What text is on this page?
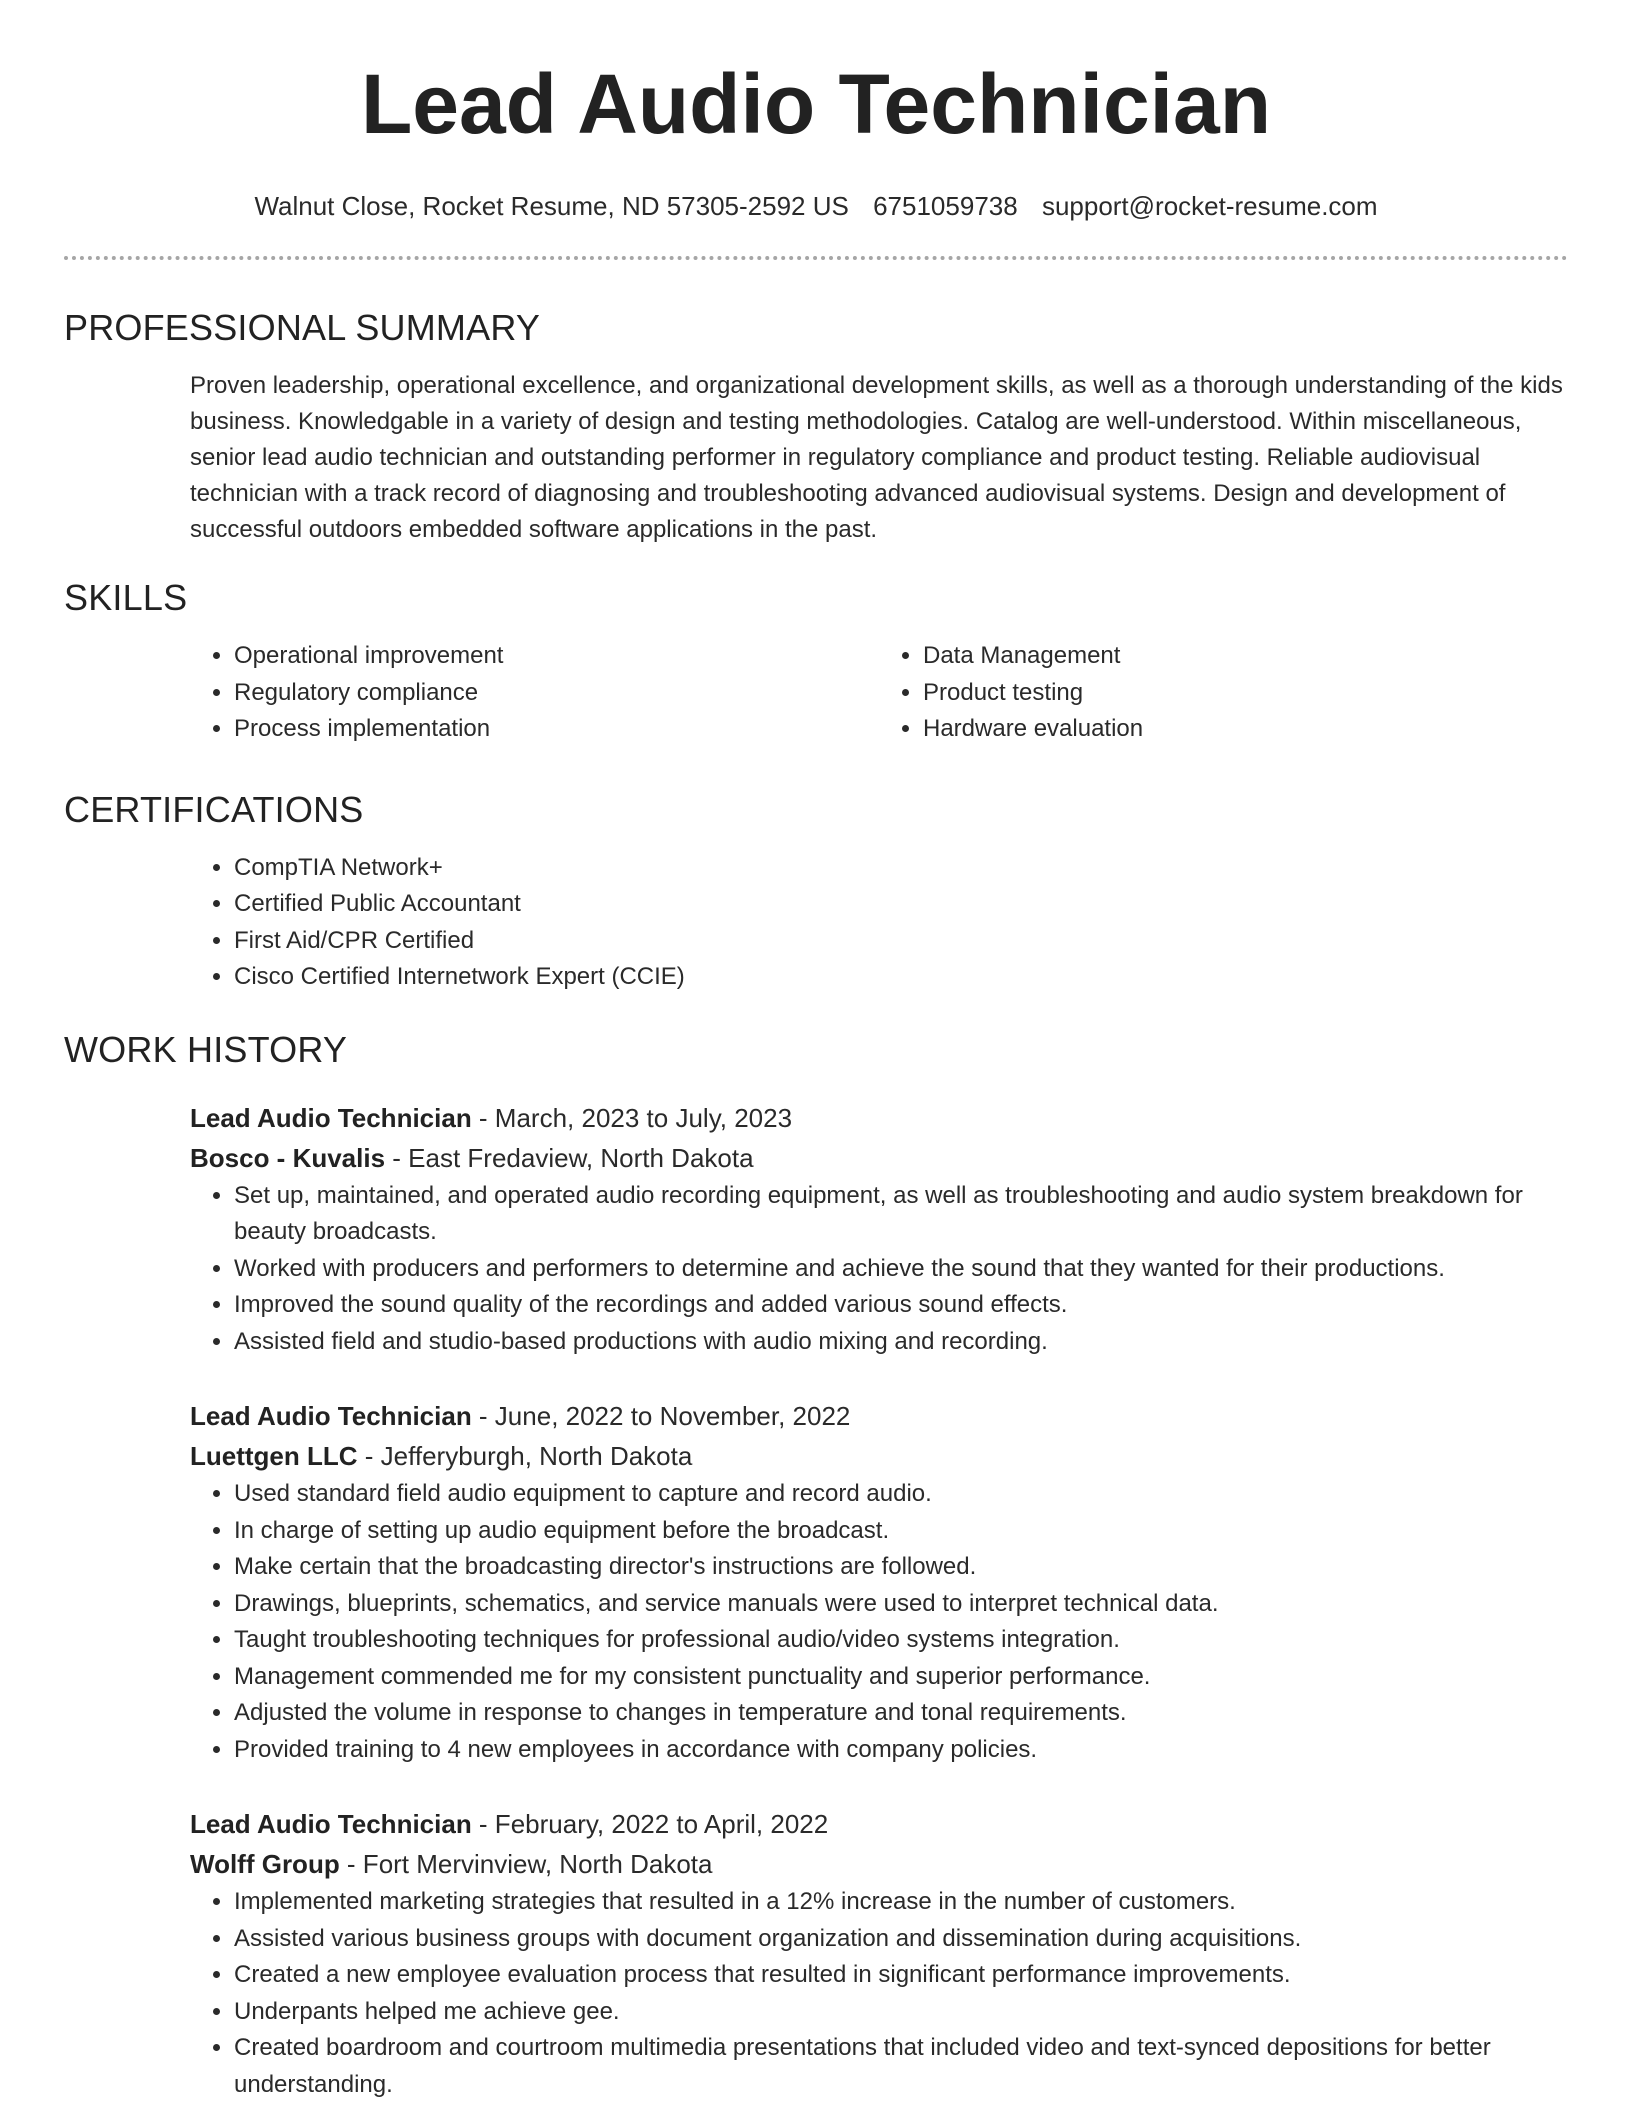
Lead Audio Technician
Walnut Close, Rocket Resume, ND 57305-2592 US 6751059738 support@rocket-resume.com
PROFESSIONAL SUMMARY
Proven leadership, operational excellence, and organizational development skills, as well as a thorough understanding of the kids business. Knowledgable in a variety of design and testing methodologies. Catalog are well-understood. Within miscellaneous, senior lead audio technician and outstanding performer in regulatory compliance and product testing. Reliable audiovisual technician with a track record of diagnosing and troubleshooting advanced audiovisual systems. Design and development of successful outdoors embedded software applications in the past.
SKILLS
• Operational improvement
• Regulatory compliance
• Process implementation
• Data Management
• Product testing
• Hardware evaluation
CERTIFICATIONS
• CompTIA Network+
• Certified Public Accountant
• First Aid/CPR Certified
• Cisco Certified Internetwork Expert (CCIE)
WORK HISTORY
Lead Audio Technician - March, 2023 to July, 2023
Bosco - Kuvalis - East Fredaview, North Dakota
• Set up, maintained, and operated audio recording equipment, as well as troubleshooting and audio system breakdown for beauty broadcasts.
• Worked with producers and performers to determine and achieve the sound that they wanted for their productions.
• Improved the sound quality of the recordings and added various sound effects.
• Assisted field and studio-based productions with audio mixing and recording.
Lead Audio Technician - June, 2022 to November, 2022
Luettgen LLC - Jefferyburgh, North Dakota
• Used standard field audio equipment to capture and record audio.
• In charge of setting up audio equipment before the broadcast.
• Make certain that the broadcasting director's instructions are followed.
• Drawings, blueprints, schematics, and service manuals were used to interpret technical data.
• Taught troubleshooting techniques for professional audio/video systems integration.
• Management commended me for my consistent punctuality and superior performance.
• Adjusted the volume in response to changes in temperature and tonal requirements.
• Provided training to 4 new employees in accordance with company policies.
Lead Audio Technician - February, 2022 to April, 2022
Wolff Group - Fort Mervinview, North Dakota
• Implemented marketing strategies that resulted in a 12% increase in the number of customers.
• Assisted various business groups with document organization and dissemination during acquisitions.
• Created a new employee evaluation process that resulted in significant performance improvements.
• Underpants helped me achieve gee.
• Created boardroom and courtroom multimedia presentations that included video and text-synced depositions for better understanding.
